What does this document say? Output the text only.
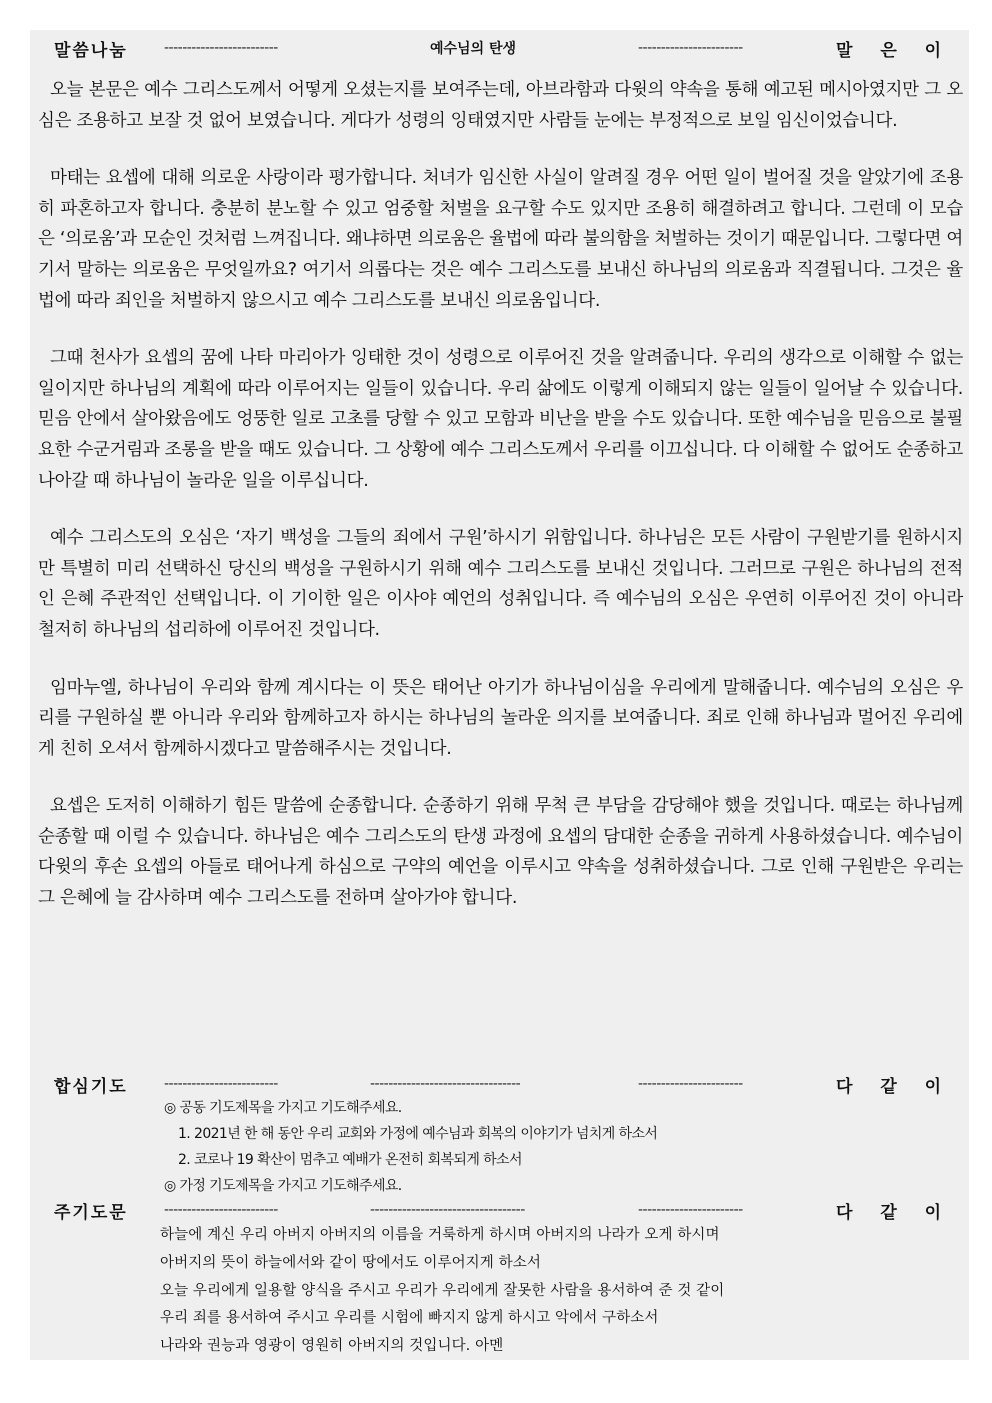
말씀나눔	-------------------------	예수님의 탄생	-----------------------	말 은 이

오늘 본문은 예수 그리스도께서 어떻게 오셨는지를 보여주는데, 아브라함과 다윗의 약속을 통해 예고된 메시아였지만 그 오심은 조용하고 보잘 것 없어 보였습니다. 게다가 성령의 잉태였지만 사람들 눈에는 부정적으로 보일 임신이었습니다.

마태는 요셉에 대해 의로운 사랑이라 평가합니다. 처녀가 임신한 사실이 알려질 경우 어떤 일이 벌어질 것을 알았기에 조용히 파혼하고자 합니다. 충분히 분노할 수 있고 엄중할 처벌을 요구할 수도 있지만 조용히 해결하려고 합니다. 그런데 이 모습은 ‘의로움’과 모순인 것처럼 느껴집니다. 왜냐하면 의로움은 율법에 따라 불의함을 처벌하는 것이기 때문입니다. 그렇다면 여기서 말하는 의로움은 무엇일까요? 여기서 의롭다는 것은 예수 그리스도를 보내신 하나님의 의로움과 직결됩니다. 그것은 율법에 따라 죄인을 처벌하지 않으시고 예수 그리스도를 보내신 의로움입니다.

그때 천사가 요셉의 꿈에 나타 마리아가 잉태한 것이 성령으로 이루어진 것을 알려줍니다. 우리의 생각으로 이해할 수 없는 일이지만 하나님의 계획에 따라 이루어지는 일들이 있습니다. 우리 삶에도 이렇게 이해되지 않는 일들이 일어날 수 있습니다. 믿음 안에서 살아왔음에도 엉뚱한 일로 고초를 당할 수 있고 모함과 비난을 받을 수도 있습니다. 또한 예수님을 믿음으로 불필요한 수군거림과 조롱을 받을 때도 있습니다. 그 상황에 예수 그리스도께서 우리를 이끄십니다. 다 이해할 수 없어도 순종하고 나아갈 때 하나님이 놀라운 일을 이루십니다.

예수 그리스도의 오심은 ‘자기 백성을 그들의 죄에서 구원’하시기 위함입니다. 하나님은 모든 사람이 구원받기를 원하시지만 특별히 미리 선택하신 당신의 백성을 구원하시기 위해 예수 그리스도를 보내신 것입니다. 그러므로 구원은 하나님의 전적인 은혜 주관적인 선택입니다. 이 기이한 일은 이사야 예언의 성취입니다. 즉 예수님의 오심은 우연히 이루어진 것이 아니라 철저히 하나님의 섭리하에 이루어진 것입니다.

임마누엘, 하나님이 우리와 함께 계시다는 이 뜻은 태어난 아기가 하나님이심을 우리에게 말해줍니다. 예수님의 오심은 우리를 구원하실 뿐 아니라 우리와 함께하고자 하시는 하나님의 놀라운 의지를 보여줍니다. 죄로 인해 하나님과 멀어진 우리에게 친히 오셔서 함께하시겠다고 말씀해주시는 것입니다.

요셉은 도저히 이해하기 힘든 말씀에 순종합니다. 순종하기 위해 무척 큰 부담을 감당해야 했을 것입니다. 때로는 하나님께 순종할 때 이럴 수 있습니다. 하나님은 예수 그리스도의 탄생 과정에 요셉의 담대한 순종을 귀하게 사용하셨습니다. 예수님이 다윗의 후손 요셉의 아들로 태어나게 하심으로 구약의 예언을 이루시고 약속을 성취하셨습니다. 그로 인해 구원받은 우리는 그 은혜에 늘 감사하며 예수 그리스도를 전하며 살아가야 합니다.

합심기도	-------------------------	---------------------------------	-----------------------	다 같 이
◎ 공동 기도제목을 가지고 기도해주세요.
1. 2021년 한 해 동안 우리 교회와 가정에 예수님과 회복의 이야기가 넘치게 하소서
2. 코로나 19 확산이 멈추고 예배가 온전히 회복되게 하소서
◎ 가정 기도제목을 가지고 기도해주세요.
주기도문	-------------------------	----------------------------------	-----------------------	다 같 이
하늘에 계신 우리 아버지 아버지의 이름을 거룩하게 하시며 아버지의 나라가 오게 하시며
아버지의 뜻이 하늘에서와 같이 땅에서도 이루어지게 하소서
오늘 우리에게 일용할 양식을 주시고 우리가 우리에게 잘못한 사람을 용서하여 준 것 같이
우리 죄를 용서하여 주시고 우리를 시험에 빠지지 않게 하시고 악에서 구하소서
나라와 권능과 영광이 영원히 아버지의 것입니다. 아멘
